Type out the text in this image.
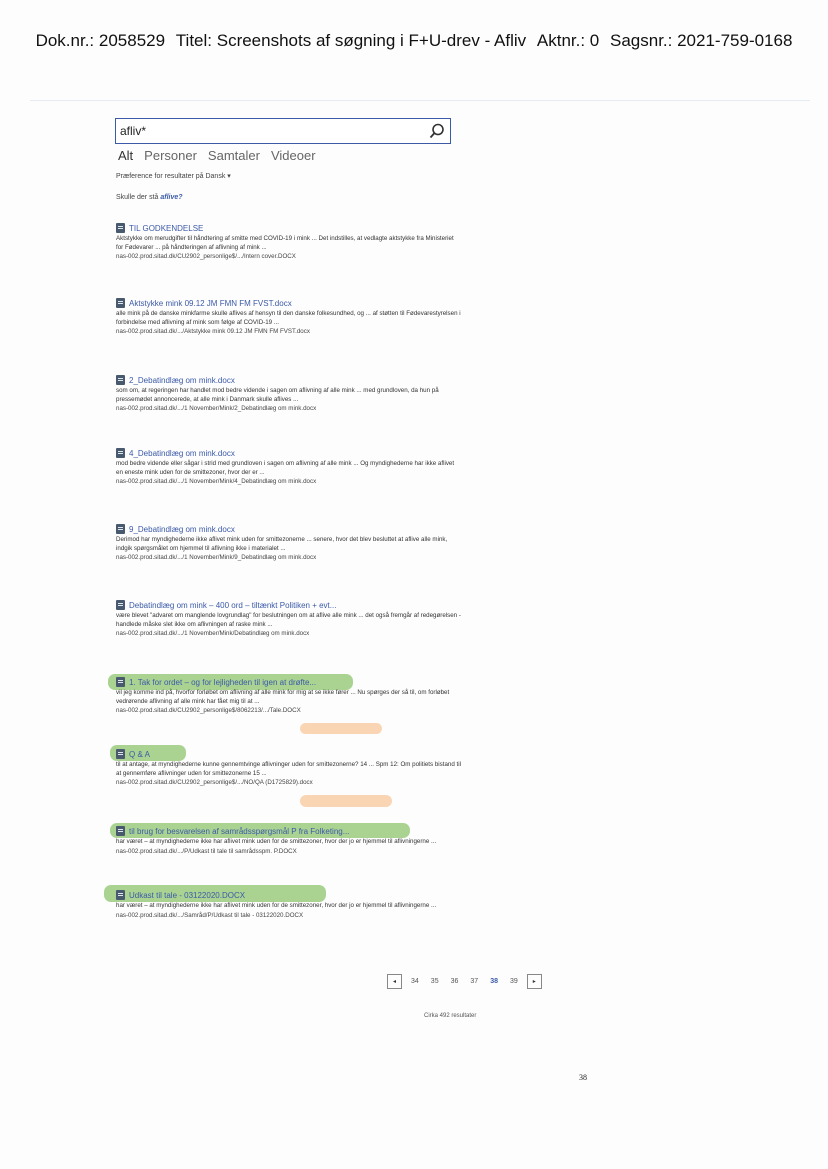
Dok.nr.: 2058529 Titel: Screenshots af søgning i F+U-drev - Afliv Aktnr.: 0 Sagsnr.: 2021-759-0168
afliv*
Alt Personer Samtaler Videoer
Præference for resultater på Dansk ▾
Skulle der stå aflive?
TIL GODKENDELSE
Aktstykke om merudgifter til håndtering af smitte med COVID-19 i mink ... Det indstilles, at vedlagte aktstykke fra Ministeriet for Fødevarer ... på håndteringen af aflivning af mink ...
nas-002.prod.sitad.dk/CU2902_personlige$/.../Intern cover.DOCX
Aktstykke mink 09.12 JM FMN FM FVST.docx
alle mink på de danske minkfarme skulle aflives af hensyn til den danske folkesundhed, og ... af støtten til Fødevarestyrelsen i forbindelse med aflivning af mink som følge af COVID-19 ...
nas-002.prod.sitad.dk/.../Aktstykke mink 09.12 JM FMN FM FVST.docx
2_Debatindlæg om mink.docx
som om, at regeringen har handlet mod bedre vidende i sagen om aflivning af alle mink ... med grundloven, da hun på pressemødet annoncerede, at alle mink i Danmark skulle aflives ...
nas-002.prod.sitad.dk/.../1 November/Mink/2_Debatindlæg om mink.docx
4_Debatindlæg om mink.docx
mod bedre vidende eller sågar i strid med grundloven i sagen om aflivning af alle mink ... Og myndighederne har ikke aflivet en eneste mink uden for de smittezoner, hvor der er ...
nas-002.prod.sitad.dk/.../1 November/Mink/4_Debatindlæg om mink.docx
9_Debatindlæg om mink.docx
Derimod har myndighederne ikke aflivet mink uden for smittezonerne ... senere, hvor det blev besluttet at aflive alle mink, indgik spørgsmålet om hjemmel til aflivning ikke i materialet ...
nas-002.prod.sitad.dk/.../1 November/Mink/9_Debatindlæg om mink.docx
Debatindlæg om mink – 400 ord – tiltænkt Politiken + evt...
være blevet "advaret om manglende lovgrundlag" for beslutningen om at aflive alle mink ... det også fremgår af redegørelsen - handlede måske slet ikke om aflivningen af raske mink ...
nas-002.prod.sitad.dk/.../1 November/Mink/Debatindlæg om mink.docx
1. Tak for ordet – og for lejligheden til igen at drøfte...
vil jeg komme ind på, hvorfor forløbet om aflivning af alle mink for mig at se ikke fører ... Nu spørges der så til, om forløbet vedrørende aflivning af alle mink har fået mig til at ...
nas-002.prod.sitad.dk/CU2902_personlige$/8062213/.../Tale.DOCX
Q & A
til at antage, at myndighederne kunne gennemtvinge aflivninger uden for smittezonerne? 14 ... Spm 12: Om politiets bistand til at gennemføre aflivninger uden for smittezonerne 15 ...
nas-002.prod.sitad.dk/CU2902_personlige$/.../NO/QA (D1725829).docx
til brug for besvarelsen af samrådsspørgsmål P fra Folketing...
har været – at myndighederne ikke har aflivet mink uden for de smittezoner, hvor der jo er hjemmel til aflivningerne ...
nas-002.prod.sitad.dk/.../P/Udkast til tale til samrådsspm. P.DOCX
Udkast til tale - 03122020.DOCX
har været – at myndighederne ikke har aflivet mink uden for de smittezoner, hvor der jo er hjemmel til aflivningerne ...
nas-002.prod.sitad.dk/.../Samråd/P/Udkast til tale - 03122020.DOCX
◂	34 35 36 37 38 39	▸
Cirka 492 resultater
38
